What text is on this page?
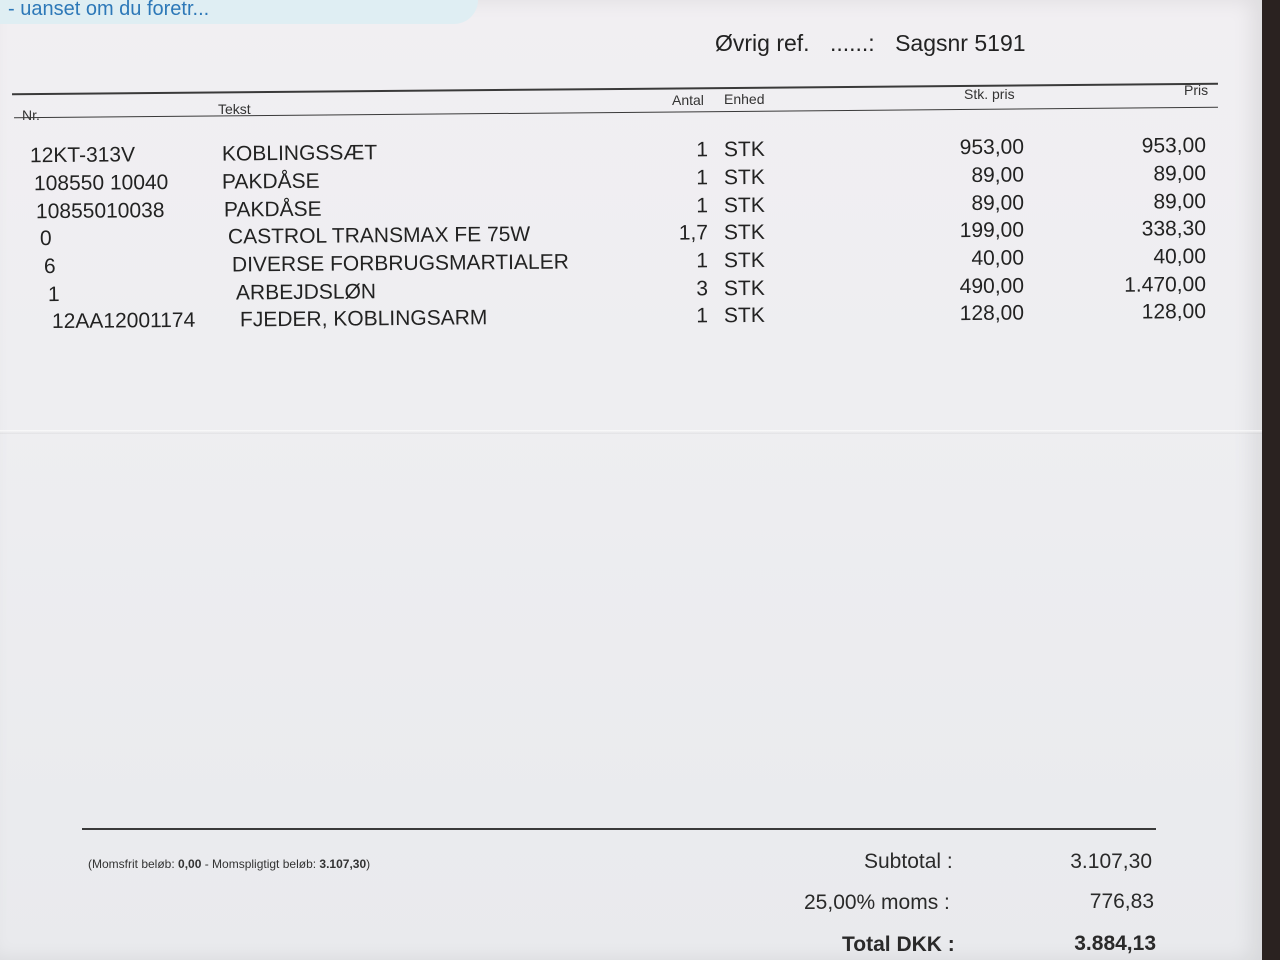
- uanset om du foretr...
Øvrig ref. ......: Sagsnr 5191
Nr.	Tekst
Antal Enhed	Stk. pris	Pris
12KT-313V	KOBLINGSSÆT	1 STK	953,00	953,00
108550 10040	PAKDÅSE	1 STK	89,00	89,00
10855010038	PAKDÅSE	1 STK	89,00	89,00
0	CASTROL TRANSMAX FE 75W	1,7 STK	199,00	338,30
6	DIVERSE FORBRUGSMARTIALER	1 STK	40,00	40,00
1	ARBEJDSLØN	3 STK	490,00	1.470,00
12AA12001174 FJEDER, KOBLINGSARM	1 STK	128,00	128,00
(Momsfrit beløb: 0,00 - Momspligtigt beløb: 3.107,30)	Subtotal :	3.107,30
25,00% moms :	776,83
Total DKK :	3.884,13
